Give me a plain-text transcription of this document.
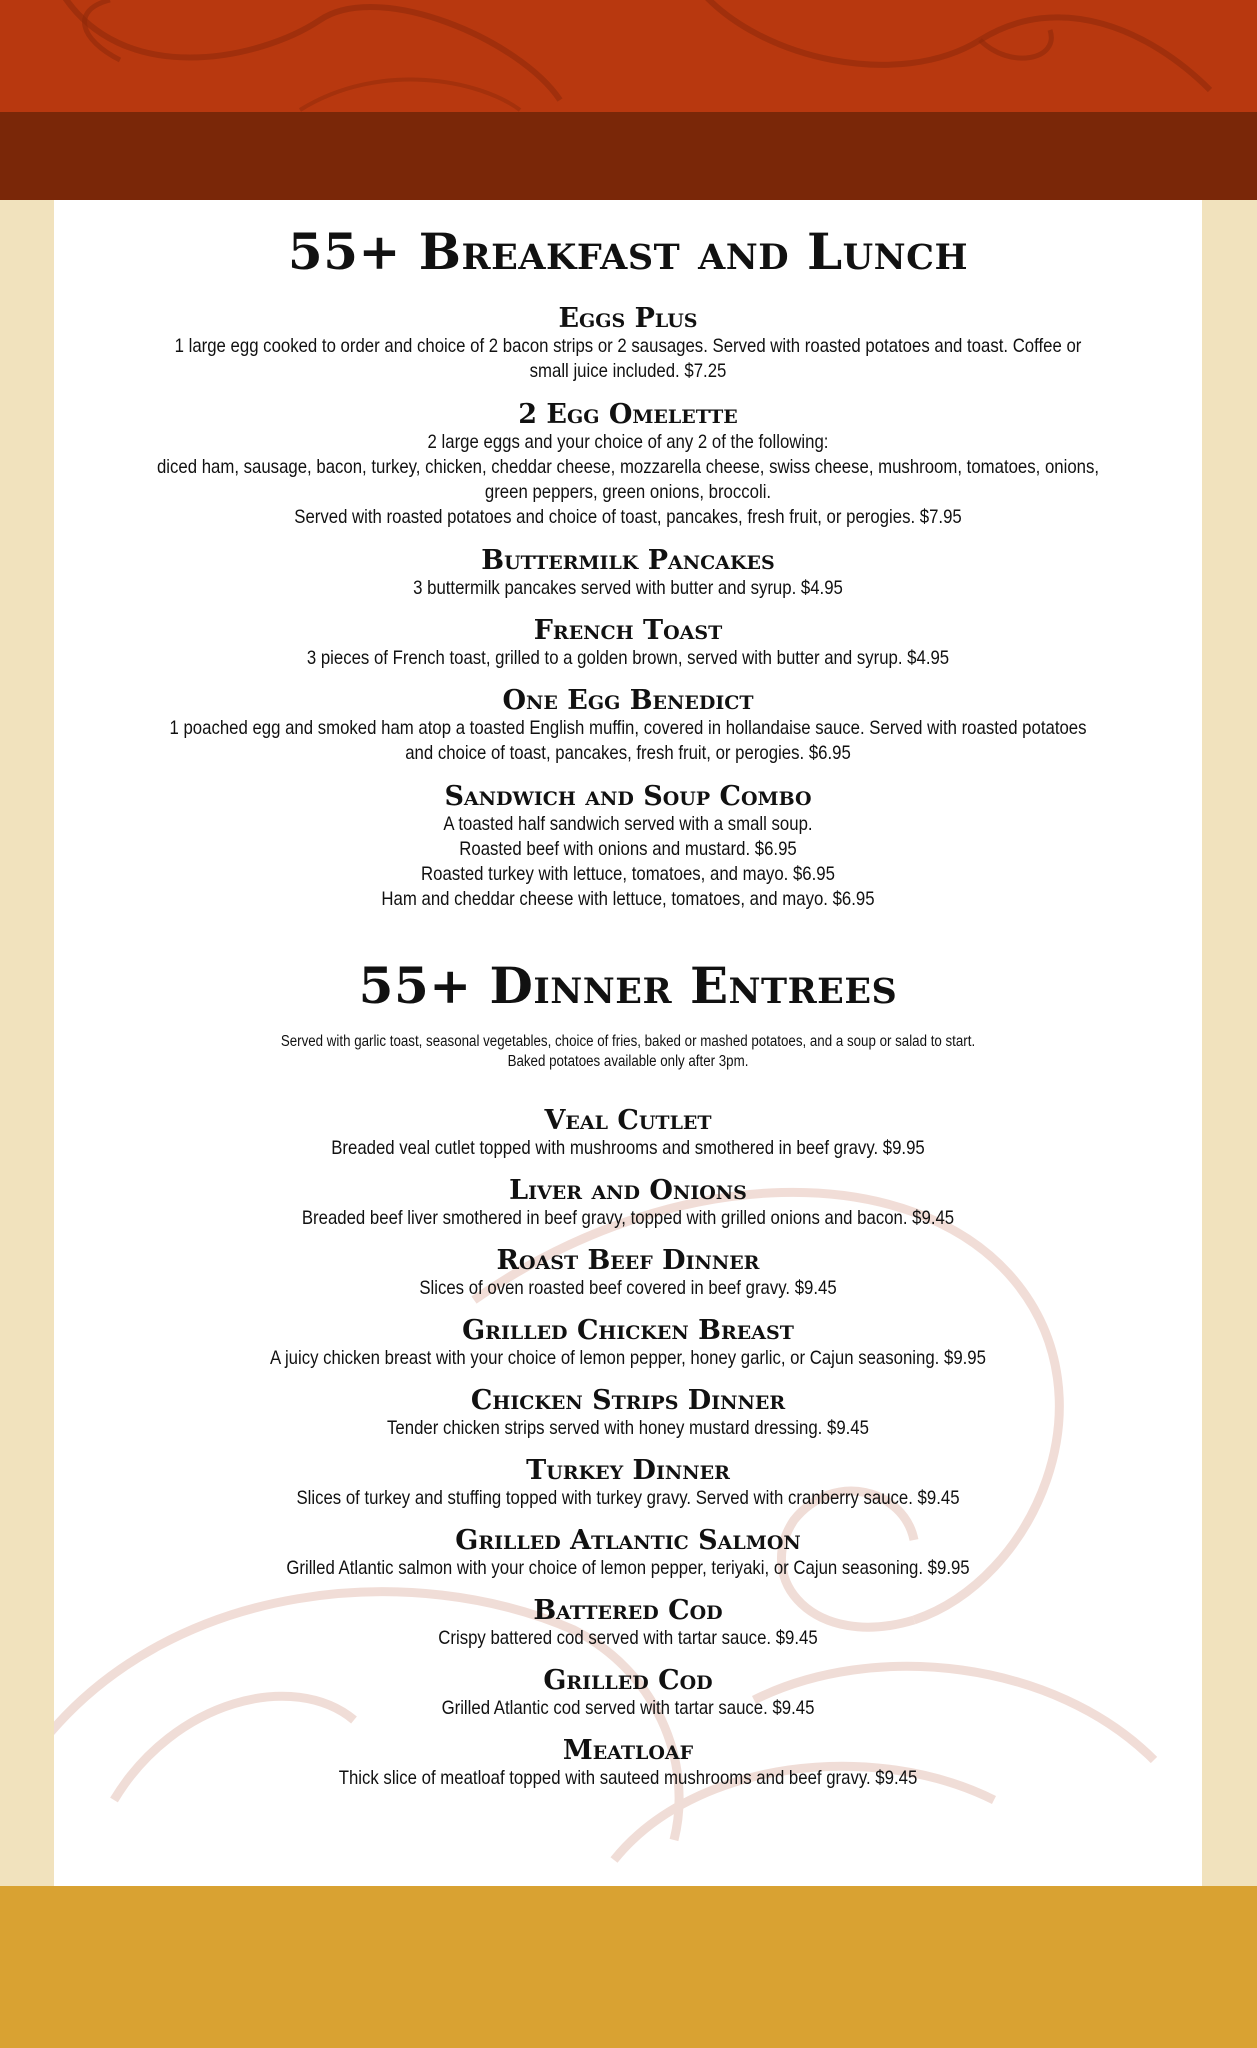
55+ Breakfast and Lunch
Eggs Plus
1 large egg cooked to order and choice of 2 bacon strips or 2 sausages. Served with roasted potatoes and toast. Coffee or
small juice included. $7.25
2 Egg Omelette
2 large eggs and your choice of any 2 of the following:
diced ham, sausage, bacon, turkey, chicken, cheddar cheese, mozzarella cheese, swiss cheese, mushroom, tomatoes, onions,
green peppers, green onions, broccoli.
Served with roasted potatoes and choice of toast, pancakes, fresh fruit, or perogies. $7.95
Buttermilk Pancakes
3 buttermilk pancakes served with butter and syrup. $4.95
French Toast
3 pieces of French toast, grilled to a golden brown, served with butter and syrup. $4.95
One Egg Benedict
1 poached egg and smoked ham atop a toasted English muffin, covered in hollandaise sauce. Served with roasted potatoes
and choice of toast, pancakes, fresh fruit, or perogies. $6.95
Sandwich and Soup Combo
A toasted half sandwich served with a small soup.
Roasted beef with onions and mustard. $6.95
Roasted turkey with lettuce, tomatoes, and mayo. $6.95
Ham and cheddar cheese with lettuce, tomatoes, and mayo. $6.95
55+ Dinner Entrees
Served with garlic toast, seasonal vegetables, choice of fries, baked or mashed potatoes, and a soup or salad to start.
Baked potatoes available only after 3pm.
Veal Cutlet
Breaded veal cutlet topped with mushrooms and smothered in beef gravy. $9.95
Liver and Onions
Breaded beef liver smothered in beef gravy, topped with grilled onions and bacon. $9.45
Roast Beef Dinner
Slices of oven roasted beef covered in beef gravy. $9.45
Grilled Chicken Breast
A juicy chicken breast with your choice of lemon pepper, honey garlic, or Cajun seasoning. $9.95
Chicken Strips Dinner
Tender chicken strips served with honey mustard dressing. $9.45
Turkey Dinner
Slices of turkey and stuffing topped with turkey gravy. Served with cranberry sauce. $9.45
Grilled Atlantic Salmon
Grilled Atlantic salmon with your choice of lemon pepper, teriyaki, or Cajun seasoning. $9.95
Battered Cod
Crispy battered cod served with tartar sauce. $9.45
Grilled Cod
Grilled Atlantic cod served with tartar sauce. $9.45
Meatloaf
Thick slice of meatloaf topped with sauteed mushrooms and beef gravy. $9.45
